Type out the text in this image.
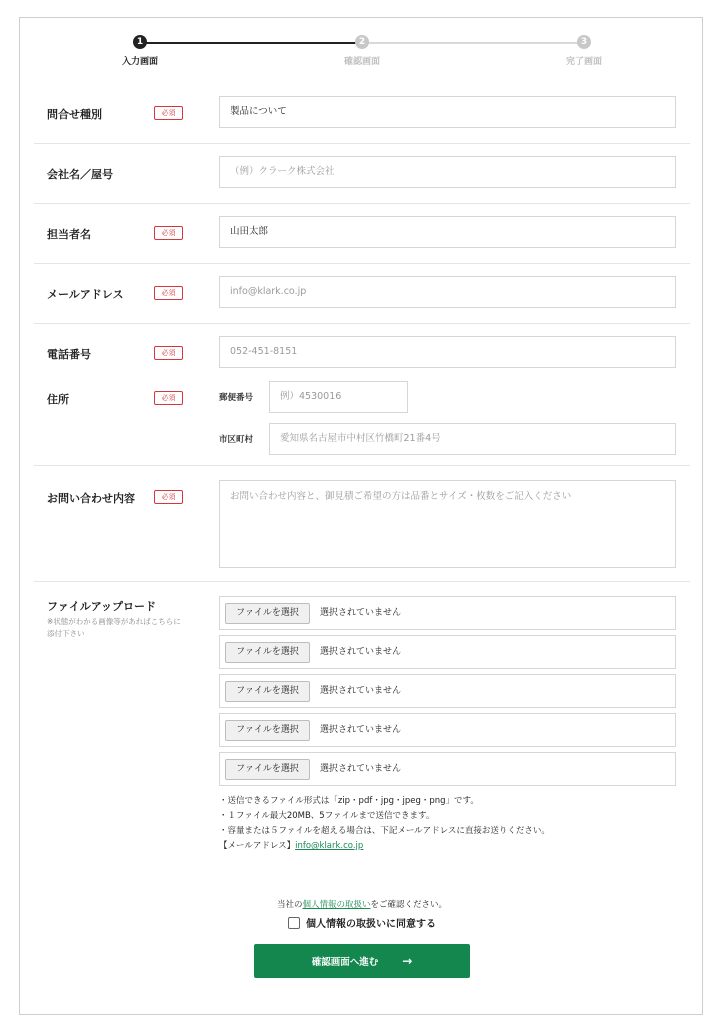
1
入力画面
2
確認画面
3
完了画面
問合せ種別	必須	製品について
会社名／屋号	（例）クラーク株式会社
担当者名	必須	山田太郎
メールアドレス	必須	info@klark.co.jp
電話番号	必須	052-451-8151
住所	必須	郵便番号	例）4530016
市区町村	愛知県名古屋市中村区竹橋町21番4号
お問い合わせ内容	必須	お問い合わせ内容と、御見積ご希望の方は品番とサイズ・枚数をご記入ください
ファイルアップロード
※状態がわかる画像等があればこちらに添付下さい
ファイルを選択	選択されていません
ファイルを選択	選択されていません
ファイルを選択	選択されていません
ファイルを選択	選択されていません
ファイルを選択	選択されていません
・送信できるファイル形式は「zip・pdf・jpg・jpeg・png」です。
・１ファイル最大20MB、5ファイルまで送信できます。
・容量または５ファイルを超える場合は、下記メールアドレスに直接お送りください。
【メールアドレス】info@klark.co.jp
当社の個人情報の取扱いをご確認ください。
個人情報の取扱いに同意する
確認画面へ進む →
